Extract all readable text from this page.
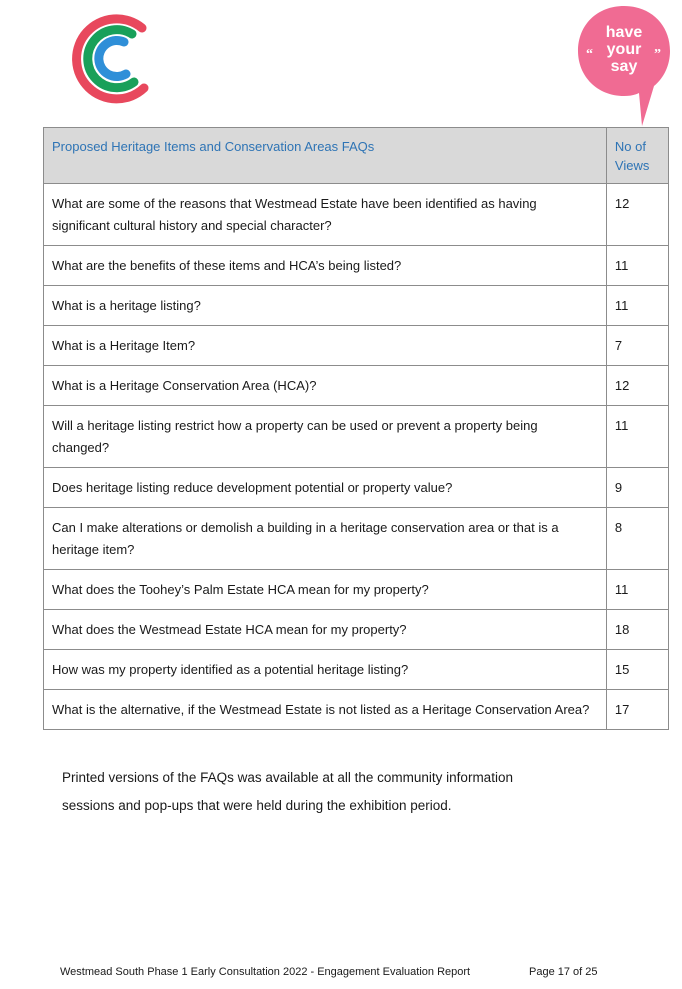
“	”
have
your
say
Proposed Heritage Items and Conservation Areas FAQs	No of Views
What are some of the reasons that Westmead Estate have been identified as having significant cultural history and special character?	12
What are the benefits of these items and HCA’s being listed?	11
What is a heritage listing?	11
What is a Heritage Item?	7
What is a Heritage Conservation Area (HCA)?	12
Will a heritage listing restrict how a property can be used or prevent a property being changed?	11
Does heritage listing reduce development potential or property value?	9
Can I make alterations or demolish a building in a heritage conservation area or that is a heritage item?	8
What does the Toohey’s Palm Estate HCA mean for my property?	11
What does the Westmead Estate HCA mean for my property?	18
How was my property identified as a potential heritage listing?	15
What is the alternative, if the Westmead Estate is not listed as a Heritage Conservation Area?	17
Printed versions of the FAQs was available at all the community information
sessions and pop-ups that were held during the exhibition period.
Westmead South Phase 1 Early Consultation 2022 - Engagement Evaluation Report	Page 17 of 25
